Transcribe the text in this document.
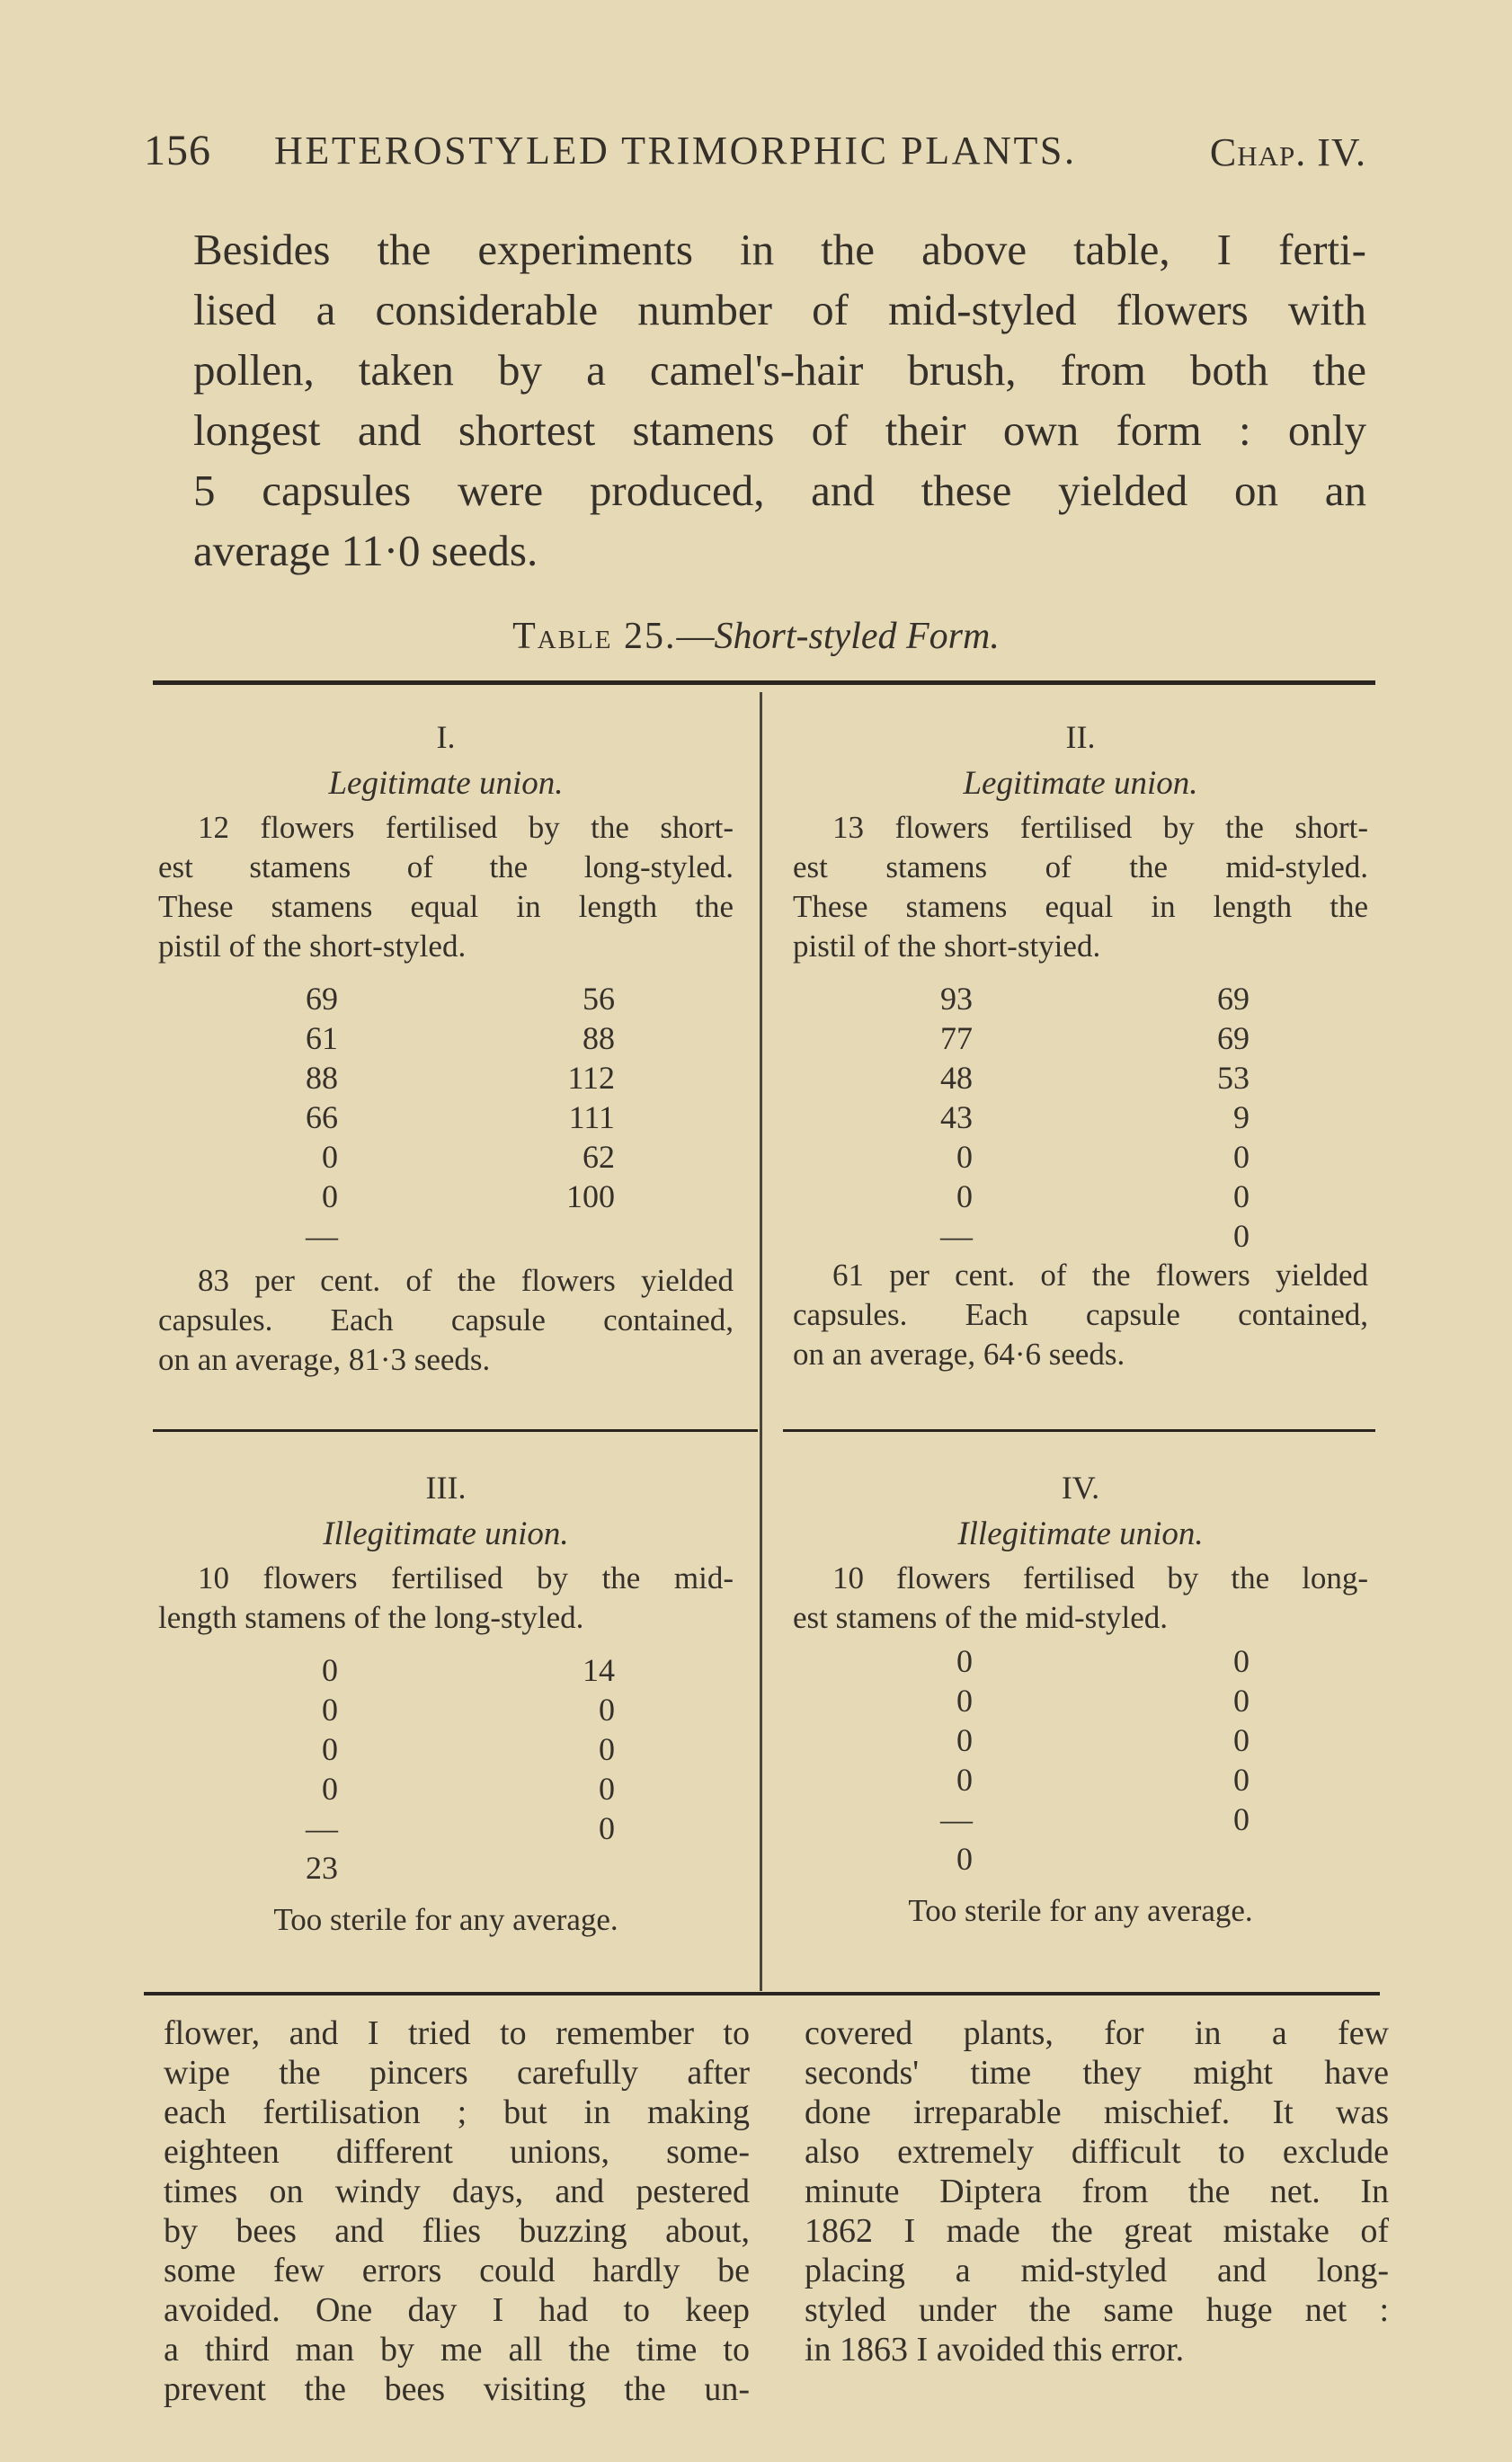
156 HETEROSTYLED TRIMORPHIC PLANTS.	Chap. IV.
Besides the experiments in the above table, I ferti-
lised a considerable number of mid-styled flowers with
pollen, taken by a camel's-hair brush, from both the
longest and shortest stamens of their own form : only
5 capsules were produced, and these yielded on an
average 11·0 seeds.
Table 25.—Short-styled Form.
I.
Legitimate union.
12 flowers fertilised by the short-
est stamens of the long-styled.
These stamens equal in length the
pistil of the short-styled.
69	56
61	88
88	112
66	111
0	62
0	100
—
83 per cent. of the flowers yielded
capsules. Each capsule contained,
on an average, 81·3 seeds.
II.
Legitimate union.
13 flowers fertilised by the short-
est stamens of the mid-styled.
These stamens equal in length the
pistil of the short-styied.
93	69
77	69
48	53
43	9
0	0
0	0
—	0
61 per cent. of the flowers yielded
capsules. Each capsule contained,
on an average, 64·6 seeds.
III.
Illegitimate union.
10 flowers fertilised by the mid-
length stamens of the long-styled.
0	14
0	0
0	0
0	0
—	0
23
Too sterile for any average.
IV.
Illegitimate union.
10 flowers fertilised by the long-
est stamens of the mid-styled.
0	0
0	0
0	0
0	0
—	0
0
Too sterile for any average.
flower, and I tried to remember to
wipe the pincers carefully after
each fertilisation ; but in making
eighteen different unions, some-
times on windy days, and pestered
by bees and flies buzzing about,
some few errors could hardly be
avoided. One day I had to keep
a third man by me all the time to
prevent the bees visiting the un-
covered plants, for in a few
seconds' time they might have
done irreparable mischief. It was
also extremely difficult to exclude
minute Diptera from the net. In
1862 I made the great mistake of
placing a mid-styled and long-
styled under the same huge net :
in 1863 I avoided this error.
